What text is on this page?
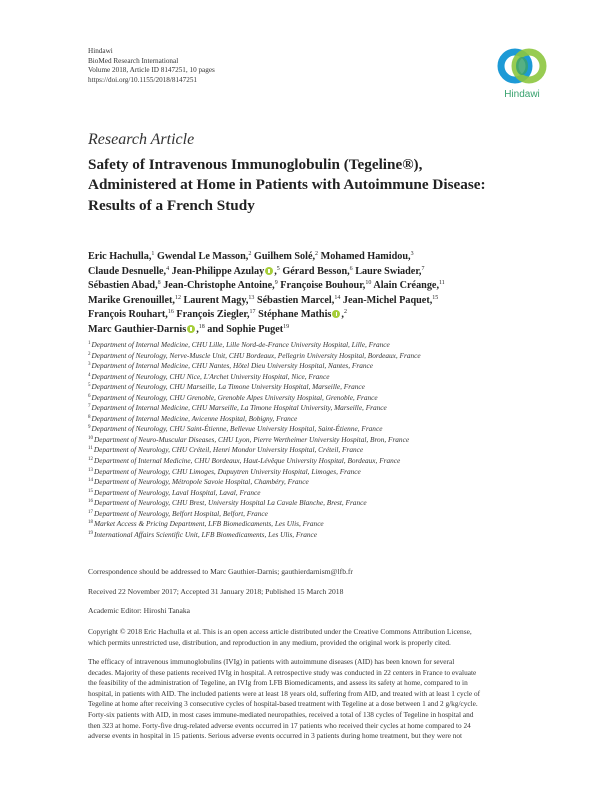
Hindawi
BioMed Research International
Volume 2018, Article ID 8147251, 10 pages
https://doi.org/10.1155/2018/8147251
Hindawi
Research Article
Safety of Intravenous Immunoglobulin (Tegeline®),
Administered at Home in Patients with Autoimmune Disease:
Results of a French Study
Eric Hachulla,$^1$ Gwendal Le Masson,$^2$ Guilhem Solé,$^2$ Mohamed Hamidou,$^3$
Claude Desnuelle,$^4$ Jean-Philippe Azulay ,$^5$ Gérard Besson,$^6$ Laure Swiader,$^7$
Sébastien Abad,$^8$ Jean-Christophe Antoine,$^9$ Françoise Bouhour,$^{10}$ Alain Créange,$^{11}$
Marike Grenouillet,$^{12}$ Laurent Magy,$^{13}$ Sébastien Marcel,$^{14}$ Jean-Michel Paquet,$^{15}$
François Rouhart,$^{16}$ François Ziegler,$^{17}$ Stéphane Mathis ,$^2$
Marc Gauthier-Darnis ,$^{18}$ and Sophie Puget$^{19}$
$^1$Department of Internal Medicine, CHU Lille, Lille Nord-de-France University Hospital, Lille, France
$^2$Department of Neurology, Nerve-Muscle Unit, CHU Bordeaux, Pellegrin University Hospital, Bordeaux, France
$^3$Department of Internal Medicine, CHU Nantes, Hôtel Dieu University Hospital, Nantes, France
$^4$Department of Neurology, CHU Nice, L'Archet University Hospital, Nice, France
$^5$Department of Neurology, CHU Marseille, La Timone University Hospital, Marseille, France
$^6$Department of Neurology, CHU Grenoble, Grenoble Alpes University Hospital, Grenoble, France
$^7$Department of Internal Medicine, CHU Marseille, La Timone Hospital University, Marseille, France
$^8$Department of Internal Medicine, Avicenne Hospital, Bobigny, France
$^9$Department of Neurology, CHU Saint-Étienne, Bellevue University Hospital, Saint-Étienne, France
$^{10}$Department of Neuro-Muscular Diseases, CHU Lyon, Pierre Wertheimer University Hospital, Bron, France
$^{11}$Department of Neurology, CHU Créteil, Henri Mondor University Hospital, Créteil, France
$^{12}$Department of Internal Medicine, CHU Bordeaux, Haut-Lévêque University Hospital, Bordeaux, France
$^{13}$Department of Neurology, CHU Limoges, Dupuytren University Hospital, Limoges, France
$^{14}$Department of Neurology, Métropole Savoie Hospital, Chambéry, France
$^{15}$Department of Neurology, Laval Hospital, Laval, France
$^{16}$Department of Neurology, CHU Brest, University Hospital La Cavale Blanche, Brest, France
$^{17}$Department of Neurology, Belfort Hospital, Belfort, France
$^{18}$Market Access & Pricing Department, LFB Biomedicaments, Les Ulis, France
$^{19}$International Affairs Scientific Unit, LFB Biomedicaments, Les Ulis, France
Correspondence should be addressed to Marc Gauthier-Darnis; gauthierdarnism@lfb.fr
Received 22 November 2017; Accepted 31 January 2018; Published 15 March 2018
Academic Editor: Hiroshi Tanaka
Copyright © 2018 Eric Hachulla et al. This is an open access article distributed under the Creative Commons Attribution License,
which permits unrestricted use, distribution, and reproduction in any medium, provided the original work is properly cited.
The efficacy of intravenous immunoglobulins (IVIg) in patients with autoimmune diseases (AID) has been known for several
decades. Majority of these patients received IVIg in hospital. A retrospective study was conducted in 22 centers in France to evaluate
the feasibility of the administration of Tegeline, an IVIg from LFB Biomedicaments, and assess its safety at home, compared to in
hospital, in patients with AID. The included patients were at least 18 years old, suffering from AID, and treated with at least 1 cycle of
Tegeline at home after receiving 3 consecutive cycles of hospital-based treatment with Tegeline at a dose between 1 and 2 g/kg/cycle.
Forty-six patients with AID, in most cases immune-mediated neuropathies, received a total of 138 cycles of Tegeline in hospital and
then 323 at home. Forty-five drug-related adverse events occurred in 17 patients who received their cycles at home compared to 24
adverse events in hospital in 15 patients. Serious adverse events occurred in 3 patients during home treatment, but they were not
